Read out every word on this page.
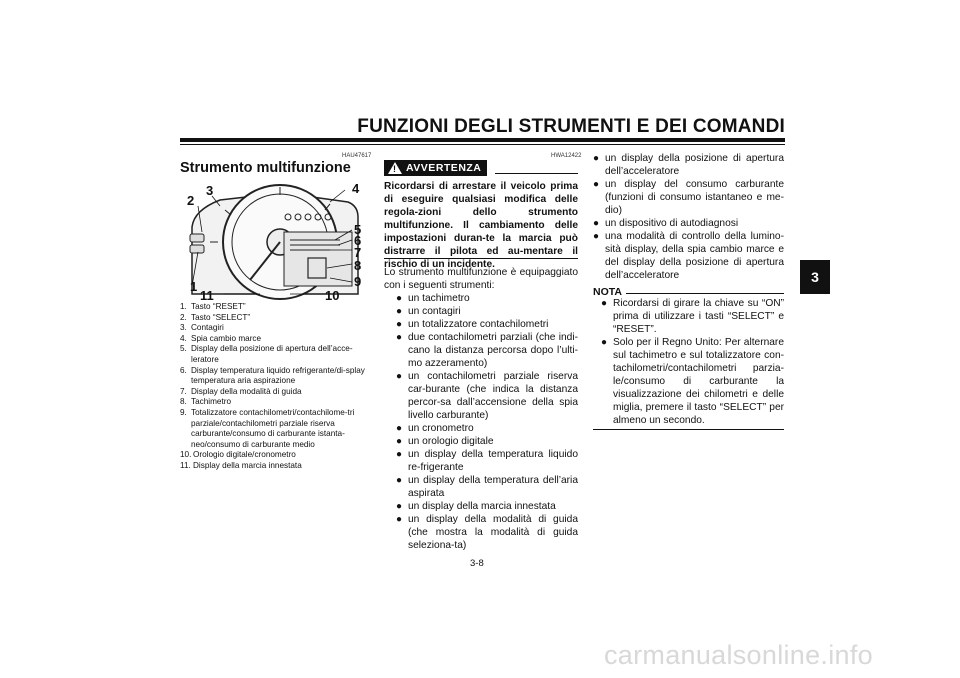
FUNZIONI DEGLI STRUMENTI E DEI COMANDI
3
HAU47617
Strumento multifunzione
1
2
3	4
5
6
7
8
9
10
11
1. Tasto “RESET”
2. Tasto “SELECT”
3. Contagiri
4. Spia cambio marce
5. Display della posizione di apertura dell’acce-leratore
6. Display temperatura liquido refrigerante/di-splay temperatura aria aspirazione
7. Display della modalità di guida
8. Tachimetro
9. Totalizzatore contachilometri/contachilome-tri parziale/contachilometri parziale riserva carburante/consumo di carburante istanta-neo/consumo di carburante medio
10. Orologio digitale/cronometro
11. Display della marcia innestata
HWA12422
! AVVERTENZA
Ricordarsi di arrestare il veicolo prima di eseguire qualsiasi modifica delle regola-zioni dello strumento multifunzione. Il cambiamento delle impostazioni duran-te la marcia può distrarre il pilota ed au-mentare il rischio di un incidente.
Lo strumento multifunzione è equipaggiato con i seguenti strumenti:
● un tachimetro
● un contagiri
● un totalizzatore contachilometri
● due contachilometri parziali (che indi-cano la distanza percorsa dopo l’ulti-mo azzeramento)
● un contachilometri parziale riserva car-burante (che indica la distanza percor-sa dall’accensione della spia livello carburante)
● un cronometro
● un orologio digitale
● un display della temperatura liquido re-frigerante
● un display della temperatura dell’aria aspirata
● un display della marcia innestata
● un display della modalità di guida (che mostra la modalità di guida seleziona-ta)
● un display della posizione di apertura dell’acceleratore
● un display del consumo carburante (funzioni di consumo istantaneo e me-dio)
● un dispositivo di autodiagnosi
● una modalità di controllo della lumino-sità display, della spia cambio marce e del display della posizione di apertura dell’acceleratore
NOTA
● Ricordarsi di girare la chiave su “ON” prima di utilizzare i tasti “SELECT” e “RESET”.
● Solo per il Regno Unito: Per alternare sul tachimetro e sul totalizzatore con-tachilometri/contachilometri parzia-le/consumo di carburante la visualizzazione dei chilometri e delle miglia, premere il tasto “SELECT” per almeno un secondo.
3-8
carmanualsonline.info
